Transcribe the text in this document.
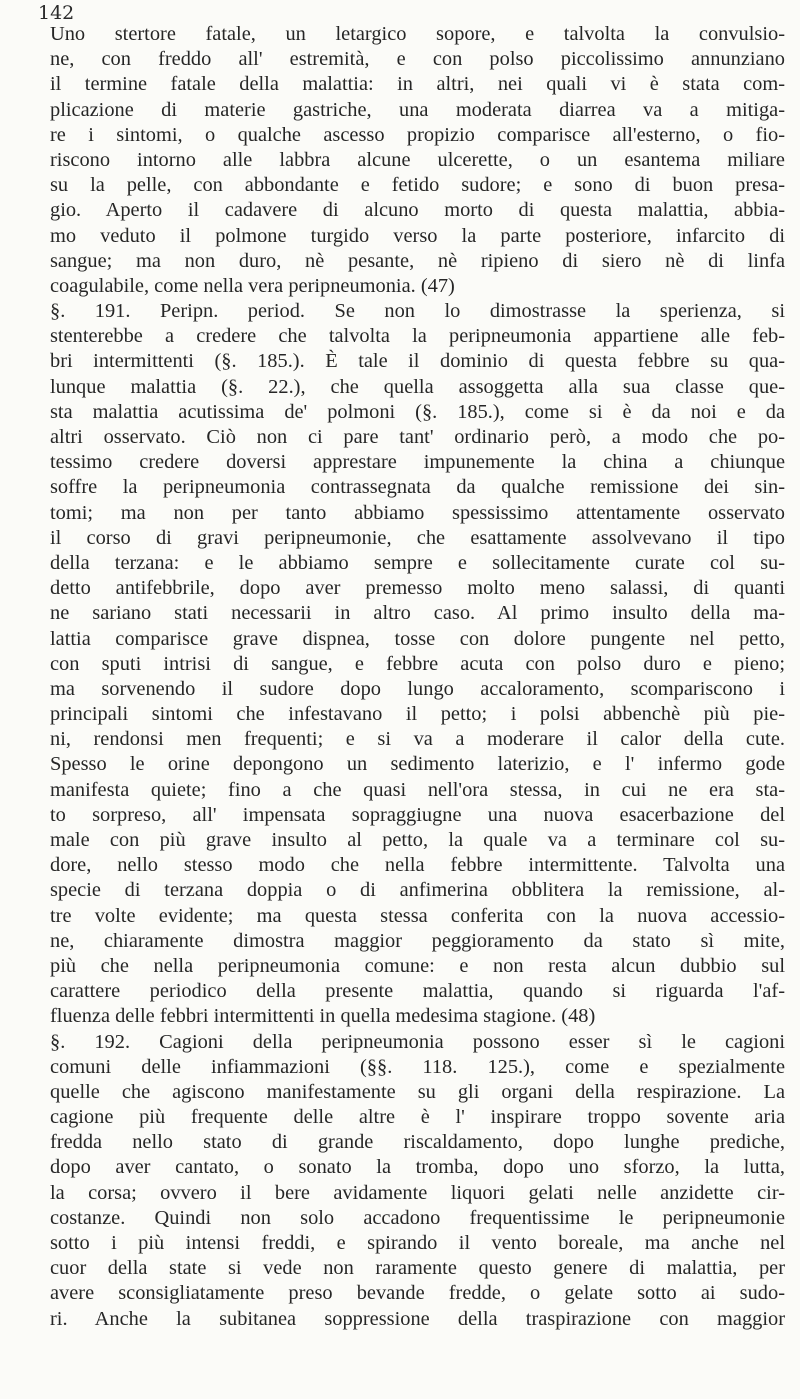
142
Uno stertore fatale, un letargico sopore, e talvolta la convulsio-
ne, con freddo all' estremità, e con polso piccolissimo annunziano
il termine fatale della malattia: in altri, nei quali vi è stata com-
plicazione di materie gastriche, una moderata diarrea va a mitiga-
re i sintomi, o qualche ascesso propizio comparisce all'esterno, o fio-
riscono intorno alle labbra alcune ulcerette, o un esantema miliare
su la pelle, con abbondante e fetido sudore; e sono di buon presa-
gio. Aperto il cadavere di alcuno morto di questa malattia, abbia-
mo veduto il polmone turgido verso la parte posteriore, infarcito di
sangue; ma non duro, nè pesante, nè ripieno di siero nè di linfa
coagulabile, come nella vera peripneumonia. (47)
§. 191. Peripn. period. Se non lo dimostrasse la sperienza, si
stenterebbe a credere che talvolta la peripneumonia appartiene alle feb-
bri intermittenti (§. 185.). È tale il dominio di questa febbre su qua-
lunque malattia (§. 22.), che quella assoggetta alla sua classe que-
sta malattia acutissima de' polmoni (§. 185.), come si è da noi e da
altri osservato. Ciò non ci pare tant' ordinario però, a modo che po-
tessimo credere doversi apprestare impunemente la china a chiunque
soffre la peripneumonia contrassegnata da qualche remissione dei sin-
tomi; ma non per tanto abbiamo spessissimo attentamente osservato
il corso di gravi peripneumonie, che esattamente assolvevano il tipo
della terzana: e le abbiamo sempre e sollecitamente curate col su-
detto antifebbrile, dopo aver premesso molto meno salassi, di quanti
ne sariano stati necessarii in altro caso. Al primo insulto della ma-
lattia comparisce grave dispnea, tosse con dolore pungente nel petto,
con sputi intrisi di sangue, e febbre acuta con polso duro e pieno;
ma sorvenendo il sudore dopo lungo accaloramento, scompariscono i
principali sintomi che infestavano il petto; i polsi abbenchè più pie-
ni, rendonsi men frequenti; e si va a moderare il calor della cute.
Spesso le orine depongono un sedimento laterizio, e l' infermo gode
manifesta quiete; fino a che quasi nell'ora stessa, in cui ne era sta-
to sorpreso, all' impensata sopraggiugne una nuova esacerbazione del
male con più grave insulto al petto, la quale va a terminare col su-
dore, nello stesso modo che nella febbre intermittente. Talvolta una
specie di terzana doppia o di anfimerina obblitera la remissione, al-
tre volte evidente; ma questa stessa conferita con la nuova accessio-
ne, chiaramente dimostra maggior peggioramento da stato sì mite,
più che nella peripneumonia comune: e non resta alcun dubbio sul
carattere periodico della presente malattia, quando si riguarda l'af-
fluenza delle febbri intermittenti in quella medesima stagione. (48)
§. 192. Cagioni della peripneumonia possono esser sì le cagioni
comuni delle infiammazioni (§§. 118. 125.), come e spezialmente
quelle che agiscono manifestamente su gli organi della respirazione. La
cagione più frequente delle altre è l' inspirare troppo sovente aria
fredda nello stato di grande riscaldamento, dopo lunghe prediche,
dopo aver cantato, o sonato la tromba, dopo uno sforzo, la lutta,
la corsa; ovvero il bere avidamente liquori gelati nelle anzidette cir-
costanze. Quindi non solo accadono frequentissime le peripneumonie
sotto i più intensi freddi, e spirando il vento boreale, ma anche nel
cuor della state si vede non raramente questo genere di malattia, per
avere sconsigliatamente preso bevande fredde, o gelate sotto ai sudo-
ri. Anche la subitanea soppressione della traspirazione con maggior
